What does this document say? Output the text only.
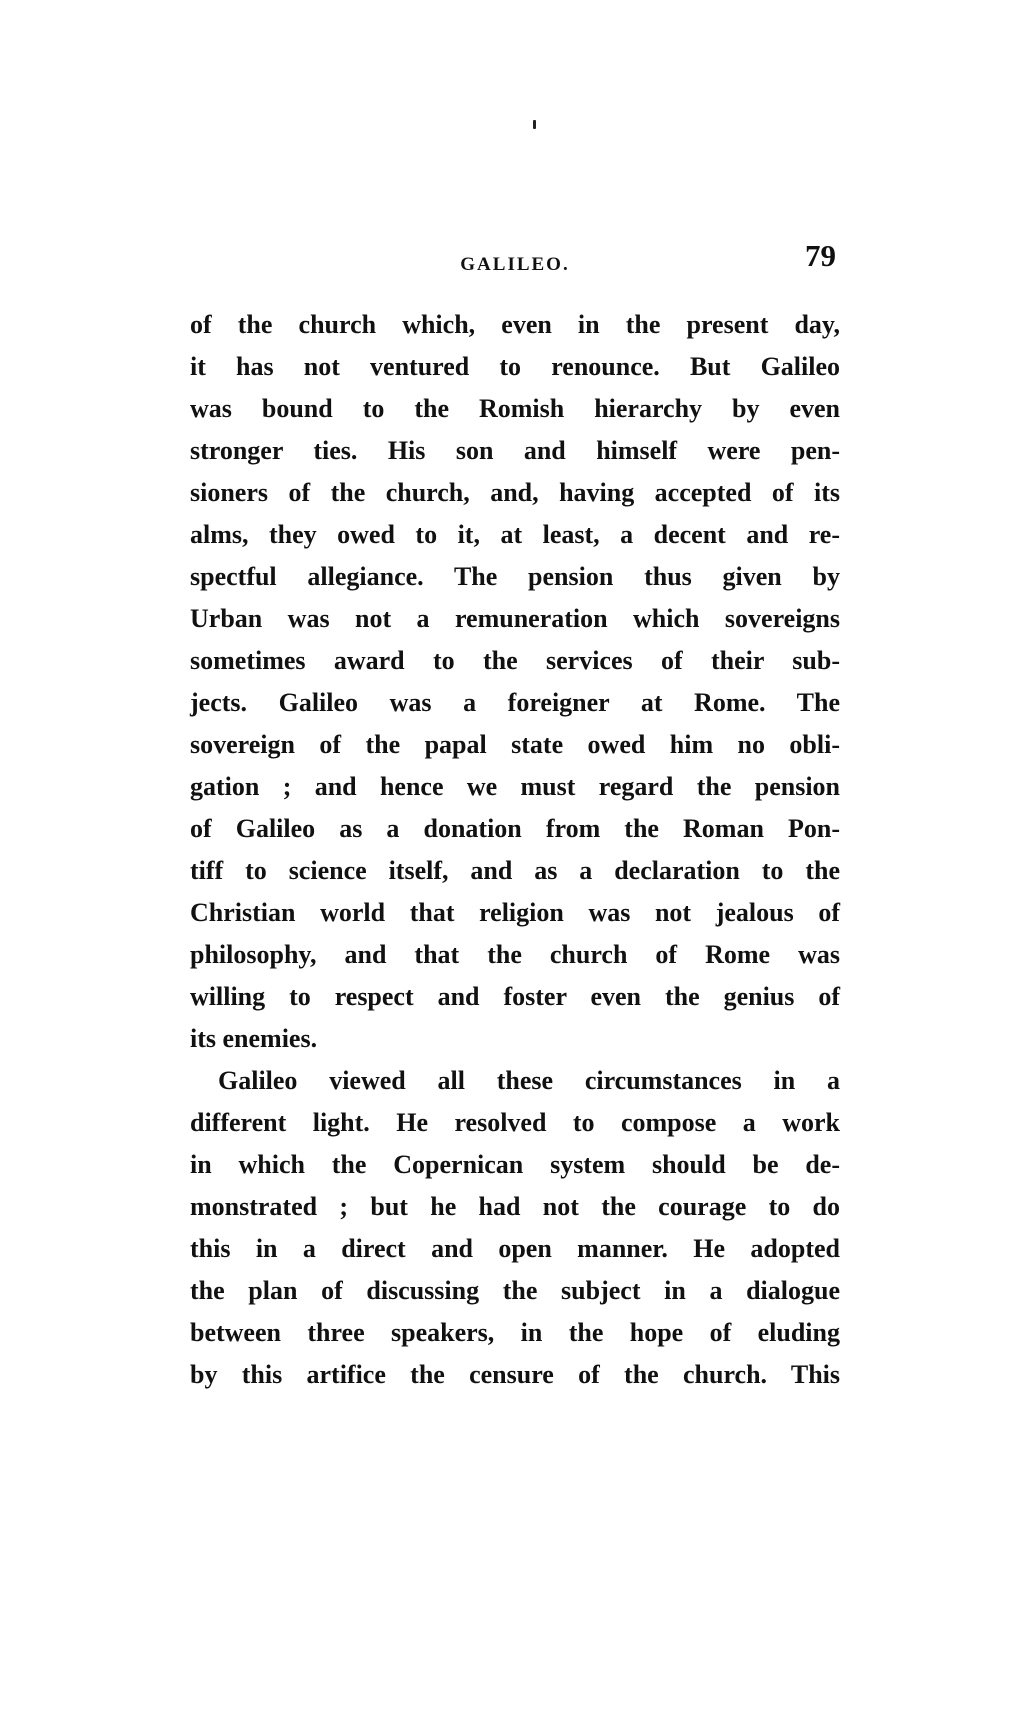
GALILEO.	79
of the church which, even in the present day,
it has not ventured to renounce. But Galileo
was bound to the Romish hierarchy by even
stronger ties. His son and himself were pen-
sioners of the church, and, having accepted of its
alms, they owed to it, at least, a decent and re-
spectful allegiance. The pension thus given by
Urban was not a remuneration which sovereigns
sometimes award to the services of their sub-
jects. Galileo was a foreigner at Rome. The
sovereign of the papal state owed him no obli-
gation ; and hence we must regard the pension
of Galileo as a donation from the Roman Pon-
tiff to science itself, and as a declaration to the
Christian world that religion was not jealous of
philosophy, and that the church of Rome was
willing to respect and foster even the genius of
its enemies.
Galileo viewed all these circumstances in a
different light. He resolved to compose a work
in which the Copernican system should be de-
monstrated ; but he had not the courage to do
this in a direct and open manner. He adopted
the plan of discussing the subject in a dialogue
between three speakers, in the hope of eluding
by this artifice the censure of the church. This
